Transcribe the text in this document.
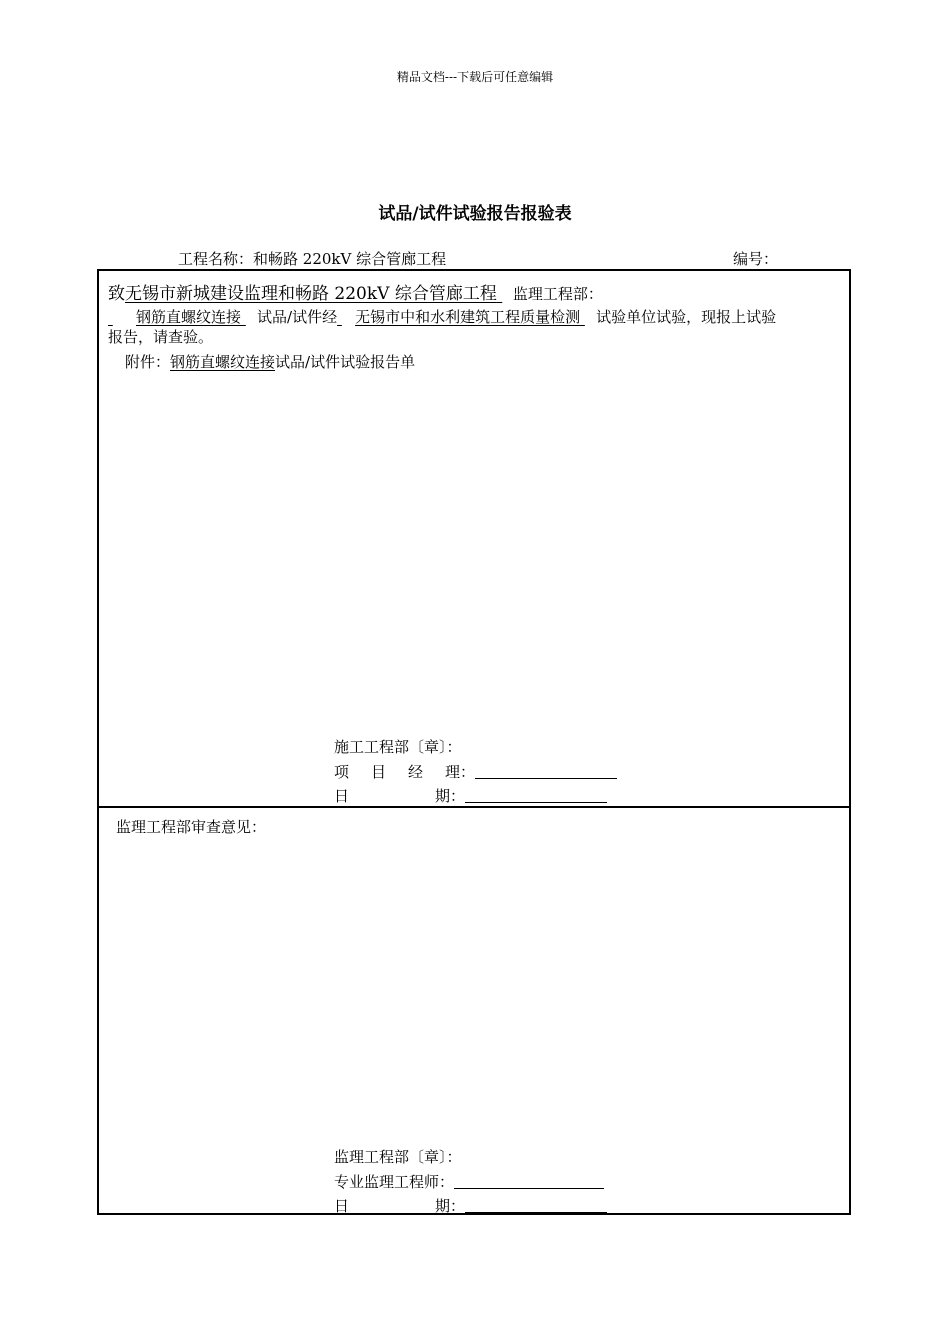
精品文档---下载后可任意编辑
试品/试件试验报告报验表
工程名称：和畅路 220kV 综合管廊工程	编号：
致无锡市新城建设监理和畅路 220kV 综合管廊工程 监理工程部：
钢筋直螺纹连接 试品/试件经 无锡市中和水利建筑工程质量检测 试验单位试验，现报上试验
报告，请查验。
附件：钢筋直螺纹连接试品/试件试验报告单
施工工程部〔章〕：
项 目 经 理：
日	期：
监理工程部审查意见：
监理工程部〔章〕：
专业监理工程师：
日	期：
